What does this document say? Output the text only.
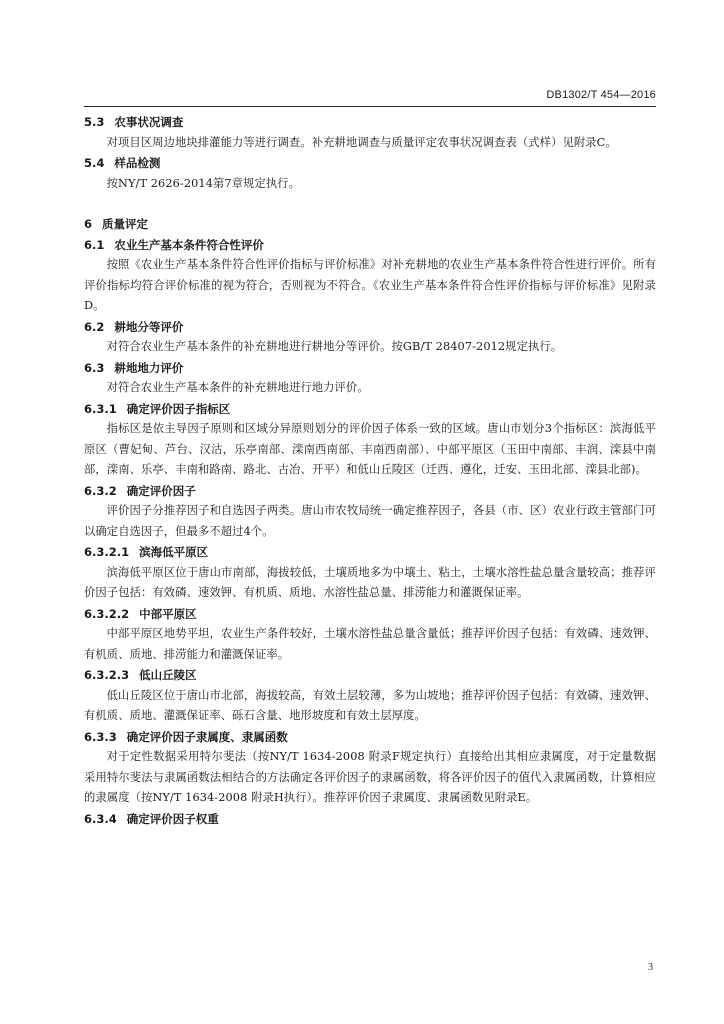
DB1302/T 454—2016
5.3 农事状况调查
对项目区周边地块排灌能力等进行调查。补充耕地调查与质量评定农事状况调查表（式样）见附录C。
5.4 样品检测
按NY/T 2626-2014第7章规定执行。
6 质量评定
6.1 农业生产基本条件符合性评价
按照《农业生产基本条件符合性评价指标与评价标准》对补充耕地的农业生产基本条件符合性进行评价。所有评价指标均符合评价标准的视为符合，否则视为不符合。《农业生产基本条件符合性评价指标与评价标准》见附录D。
6.2 耕地分等评价
对符合农业生产基本条件的补充耕地进行耕地分等评价。按GB/T 28407-2012规定执行。
6.3 耕地地力评价
对符合农业生产基本条件的补充耕地进行地力评价。
6.3.1 确定评价因子指标区
指标区是依主导因子原则和区域分异原则划分的评价因子体系一致的区域。唐山市划分3个指标区：滨海低平原区（曹妃甸、芦台、汉沽，乐亭南部、滦南西南部、丰南西南部）、中部平原区（玉田中南部、丰润、滦县中南部，滦南、乐亭、丰南和路南、路北、古冶、开平）和低山丘陵区（迁西、遵化，迁安、玉田北部、滦县北部)。
6.3.2 确定评价因子
评价因子分推荐因子和自选因子两类。唐山市农牧局统一确定推荐因子，各县（市、区）农业行政主管部门可以确定自选因子，但最多不超过4个。
6.3.2.1 滨海低平原区
滨海低平原区位于唐山市南部，海拔较低，土壤质地多为中壤土、粘土，土壤水溶性盐总量含量较高；推荐评价因子包括：有效磷、速效钾、有机质、质地、水溶性盐总量、排涝能力和灌溉保证率。
6.3.2.2 中部平原区
中部平原区地势平坦，农业生产条件较好，土壤水溶性盐总量含量低；推荐评价因子包括：有效磷、速效钾、有机质、质地、排涝能力和灌溉保证率。
6.3.2.3 低山丘陵区
低山丘陵区位于唐山市北部，海拔较高，有效土层较薄，多为山坡地；推荐评价因子包括：有效磷、速效钾、有机质、质地、灌溉保证率、砾石含量、地形坡度和有效土层厚度。
6.3.3 确定评价因子隶属度、隶属函数
对于定性数据采用特尔斐法（按NY/T 1634-2008 附录F规定执行）直接给出其相应隶属度，对于定量数据采用特尔斐法与隶属函数法相结合的方法确定各评价因子的隶属函数，将各评价因子的值代入隶属函数，计算相应的隶属度（按NY/T 1634-2008 附录H执行）。推荐评价因子隶属度、隶属函数见附录E。
6.3.4 确定评价因子权重
3
